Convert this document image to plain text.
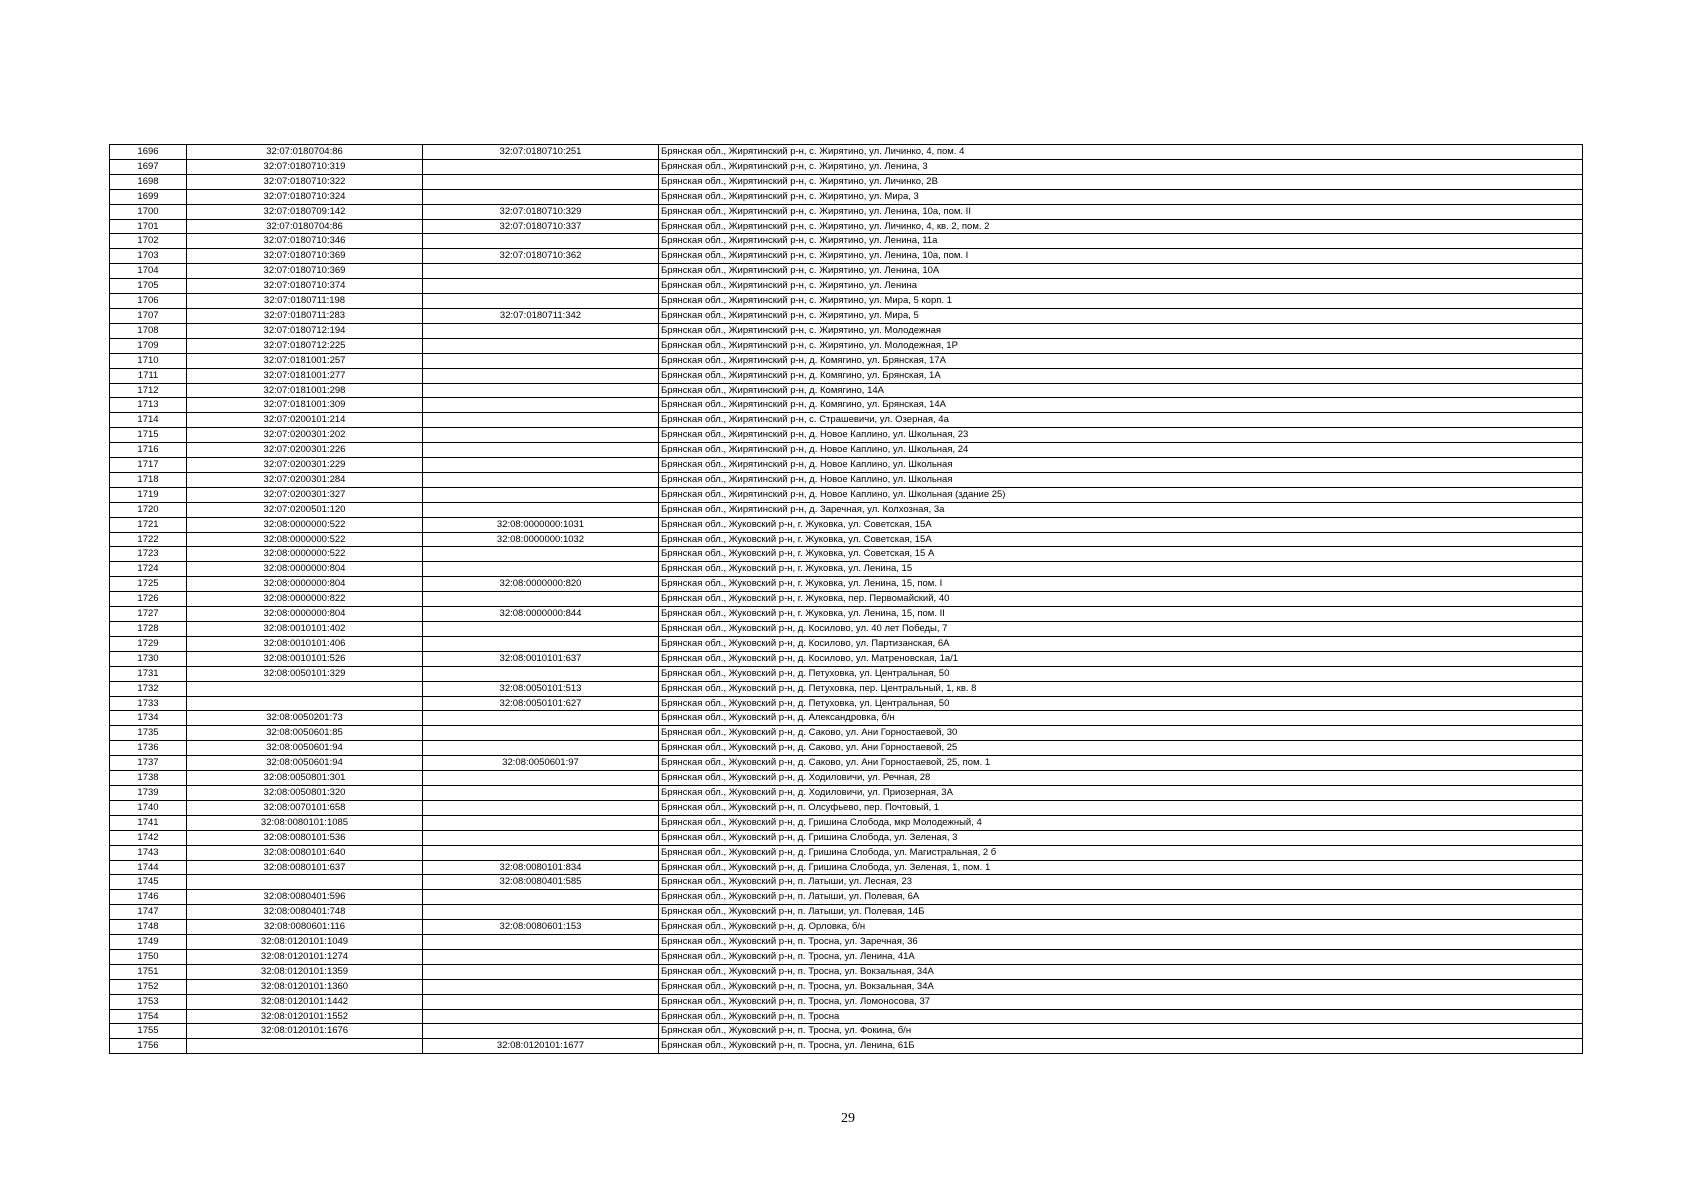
1696	32:07:0180704:86	32:07:0180710:251	Брянская обл., Жирятинский р-н, с. Жирятино, ул. Личинко, 4, пом. 4
1697	32:07:0180710:319		Брянская обл., Жирятинский р-н, с. Жирятино, ул. Ленина, 3
1698	32:07:0180710:322		Брянская обл., Жирятинский р-н, с. Жирятино, ул. Личинко, 2В
1699	32:07:0180710:324		Брянская обл., Жирятинский р-н, с. Жирятино, ул. Мира, 3
1700	32:07:0180709:142	32:07:0180710:329	Брянская обл., Жирятинский р-н, с. Жирятино, ул. Ленина, 10а, пом. II
1701	32:07:0180704:86	32:07:0180710:337	Брянская обл., Жирятинский р-н, с. Жирятино, ул. Личинко, 4, кв. 2, пом. 2
1702	32:07:0180710:346		Брянская обл., Жирятинский р-н, с. Жирятино, ул. Ленина, 11а
1703	32:07:0180710:369	32:07:0180710:362	Брянская обл., Жирятинский р-н, с. Жирятино, ул. Ленина, 10а, пом. I
1704	32:07:0180710:369		Брянская обл., Жирятинский р-н, с. Жирятино, ул. Ленина, 10А
1705	32:07:0180710:374		Брянская обл., Жирятинский р-н, с. Жирятино, ул. Ленина
1706	32:07:0180711:198		Брянская обл., Жирятинский р-н, с. Жирятино, ул. Мира, 5 корп. 1
1707	32:07:0180711:283	32:07:0180711:342	Брянская обл., Жирятинский р-н, с. Жирятино, ул. Мира, 5
1708	32:07:0180712:194		Брянская обл., Жирятинский р-н, с. Жирятино, ул. Молодежная
1709	32:07:0180712:225		Брянская обл., Жирятинский р-н, с. Жирятино, ул. Молодежная, 1Р
1710	32:07:0181001:257		Брянская обл., Жирятинский р-н, д. Комягино, ул. Брянская, 17А
1711	32:07:0181001:277		Брянская обл., Жирятинский р-н, д. Комягино, ул. Брянская, 1А
1712	32:07:0181001:298		Брянская обл., Жирятинский р-н, д. Комягино, 14А
1713	32:07:0181001:309		Брянская обл., Жирятинский р-н, д. Комягино, ул. Брянская, 14А
1714	32:07:0200101:214		Брянская обл., Жирятинский р-н, с. Страшевичи, ул. Озерная, 4а
1715	32:07:0200301:202		Брянская обл., Жирятинский р-н, д. Новое Каплино, ул. Школьная, 23
1716	32:07:0200301:226		Брянская обл., Жирятинский р-н, д. Новое Каплино, ул. Школьная, 24
1717	32:07:0200301:229		Брянская обл., Жирятинский р-н, д. Новое Каплино, ул. Школьная
1718	32:07:0200301:284		Брянская обл., Жирятинский р-н, д. Новое Каплино, ул. Школьная
1719	32:07:0200301:327		Брянская обл., Жирятинский р-н, д. Новое Каплино, ул. Школьная (здание 25)
1720	32:07:0200501:120		Брянская обл., Жирятинский р-н, д. Заречная, ул. Колхозная, 3а
1721	32:08:0000000:522	32:08:0000000:1031	Брянская обл., Жуковский р-н, г. Жуковка, ул. Советская, 15А
1722	32:08:0000000:522	32:08:0000000:1032	Брянская обл., Жуковский р-н, г. Жуковка, ул. Советская, 15А
1723	32:08:0000000:522		Брянская обл., Жуковский р-н, г. Жуковка, ул. Советская, 15 А
1724	32:08:0000000:804		Брянская обл., Жуковский р-н, г. Жуковка, ул. Ленина, 15
1725	32:08:0000000:804	32:08:0000000:820	Брянская обл., Жуковский р-н, г. Жуковка, ул. Ленина, 15, пом. I
1726	32:08:0000000:822		Брянская обл., Жуковский р-н, г. Жуковка, пер. Первомайский, 40
1727	32:08:0000000:804	32:08:0000000:844	Брянская обл., Жуковский р-н, г. Жуковка, ул. Ленина, 15, пом. II
1728	32:08:0010101:402		Брянская обл., Жуковский р-н, д. Косилово, ул. 40 лет Победы, 7
1729	32:08:0010101:406		Брянская обл., Жуковский р-н, д. Косилово, ул. Партизанская, 6А
1730	32:08:0010101:526	32:08:0010101:637	Брянская обл., Жуковский р-н, д. Косилово, ул. Матреновская, 1а/1
1731	32:08:0050101:329		Брянская обл., Жуковский р-н, д. Петуховка, ул. Центральная, 50
1732		32:08:0050101:513	Брянская обл., Жуковский р-н, д. Петуховка, пер. Центральный, 1, кв. 8
1733		32:08:0050101:627	Брянская обл., Жуковский р-н, д. Петуховка, ул. Центральная, 50
1734	32:08:0050201:73		Брянская обл., Жуковский р-н, д. Александровка, б/н
1735	32:08:0050601:85		Брянская обл., Жуковский р-н, д. Саково, ул. Ани Горностаевой, 30
1736	32:08:0050601:94		Брянская обл., Жуковский р-н, д. Саково, ул. Ани Горностаевой, 25
1737	32:08:0050601:94	32:08:0050601:97	Брянская обл., Жуковский р-н, д. Саково, ул. Ани Горностаевой, 25, пом. 1
1738	32:08:0050801:301		Брянская обл., Жуковский р-н, д. Ходиловичи, ул. Речная, 28
1739	32:08:0050801:320		Брянская обл., Жуковский р-н, д. Ходиловичи, ул. Приозерная, 3А
1740	32:08:0070101:658		Брянская обл., Жуковский р-н, п. Олсуфьево, пер. Почтовый, 1
1741	32:08:0080101:1085		Брянская обл., Жуковский р-н, д. Гришина Слобода, мкр Молодежный, 4
1742	32:08:0080101:536		Брянская обл., Жуковский р-н, д. Гришина Слобода, ул. Зеленая, 3
1743	32:08:0080101:640		Брянская обл., Жуковский р-н, д. Гришина Слобода, ул. Магистральная, 2 б
1744	32:08:0080101:637	32:08:0080101:834	Брянская обл., Жуковский р-н, д. Гришина Слобода, ул. Зеленая, 1, пом. 1
1745		32:08:0080401:585	Брянская обл., Жуковский р-н, п. Латыши, ул. Лесная, 23
1746	32:08:0080401:596		Брянская обл., Жуковский р-н, п. Латыши, ул. Полевая, 6А
1747	32:08:0080401:748		Брянская обл., Жуковский р-н, п. Латыши, ул. Полевая, 14Б
1748	32:08:0080601:116	32:08:0080601:153	Брянская обл., Жуковский р-н, д. Орловка, б/н
1749	32:08:0120101:1049		Брянская обл., Жуковский р-н, п. Тросна, ул. Заречная, 36
1750	32:08:0120101:1274		Брянская обл., Жуковский р-н, п. Тросна, ул. Ленина, 41А
1751	32:08:0120101:1359		Брянская обл., Жуковский р-н, п. Тросна, ул. Вокзальная, 34А
1752	32:08:0120101:1360		Брянская обл., Жуковский р-н, п. Тросна, ул. Вокзальная, 34А
1753	32:08:0120101:1442		Брянская обл., Жуковский р-н, п. Тросна, ул. Ломоносова, 37
1754	32:08:0120101:1552		Брянская обл., Жуковский р-н, п. Тросна
1755	32:08:0120101:1676		Брянская обл., Жуковский р-н, п. Тросна, ул. Фокина, б/н
1756		32:08:0120101:1677	Брянская обл., Жуковский р-н, п. Тросна, ул. Ленина, 61Б
29
